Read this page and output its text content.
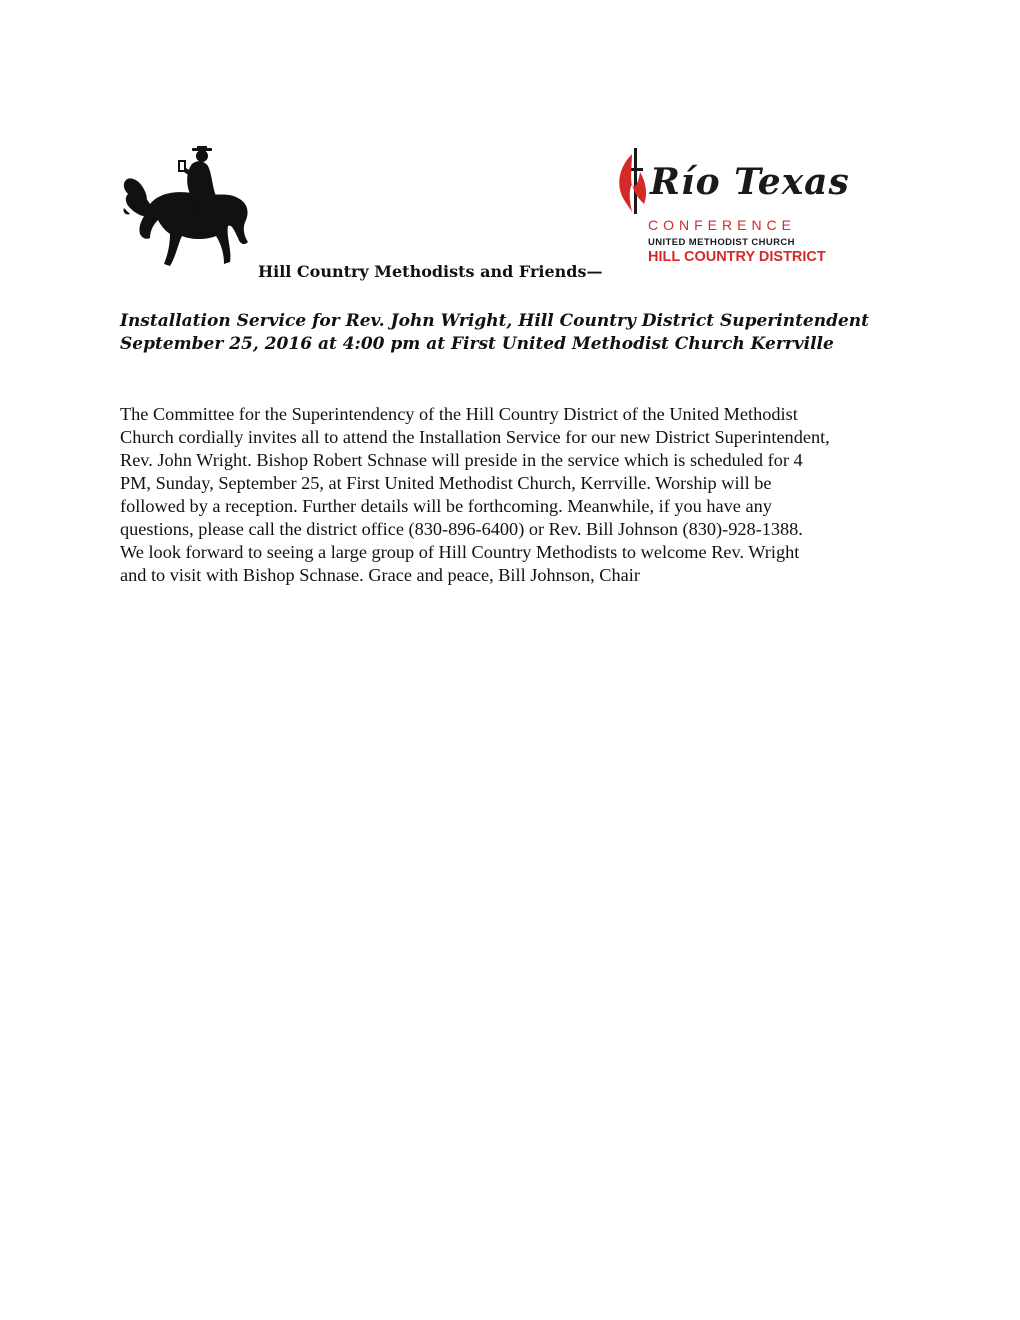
Río Texas
CONFERENCE
UNITED METHODIST CHURCH
HILL COUNTRY DISTRICT
Hill Country Methodists and Friends—
Installation Service for Rev. John Wright, Hill Country District Superintendent
September 25, 2016 at 4:00 pm at First United Methodist Church Kerrville
The Committee for the Superintendency of the Hill Country District of the United Methodist
Church cordially invites all to attend the Installation Service for our new District Superintendent,
Rev. John Wright. Bishop Robert Schnase will preside in the service which is scheduled for 4
PM, Sunday, September 25, at First United Methodist Church, Kerrville. Worship will be
followed by a reception. Further details will be forthcoming. Meanwhile, if you have any
questions, please call the district office (830-896-6400) or Rev. Bill Johnson (830)-928-1388.
We look forward to seeing a large group of Hill Country Methodists to welcome Rev. Wright
and to visit with Bishop Schnase. Grace and peace, Bill Johnson, Chair
